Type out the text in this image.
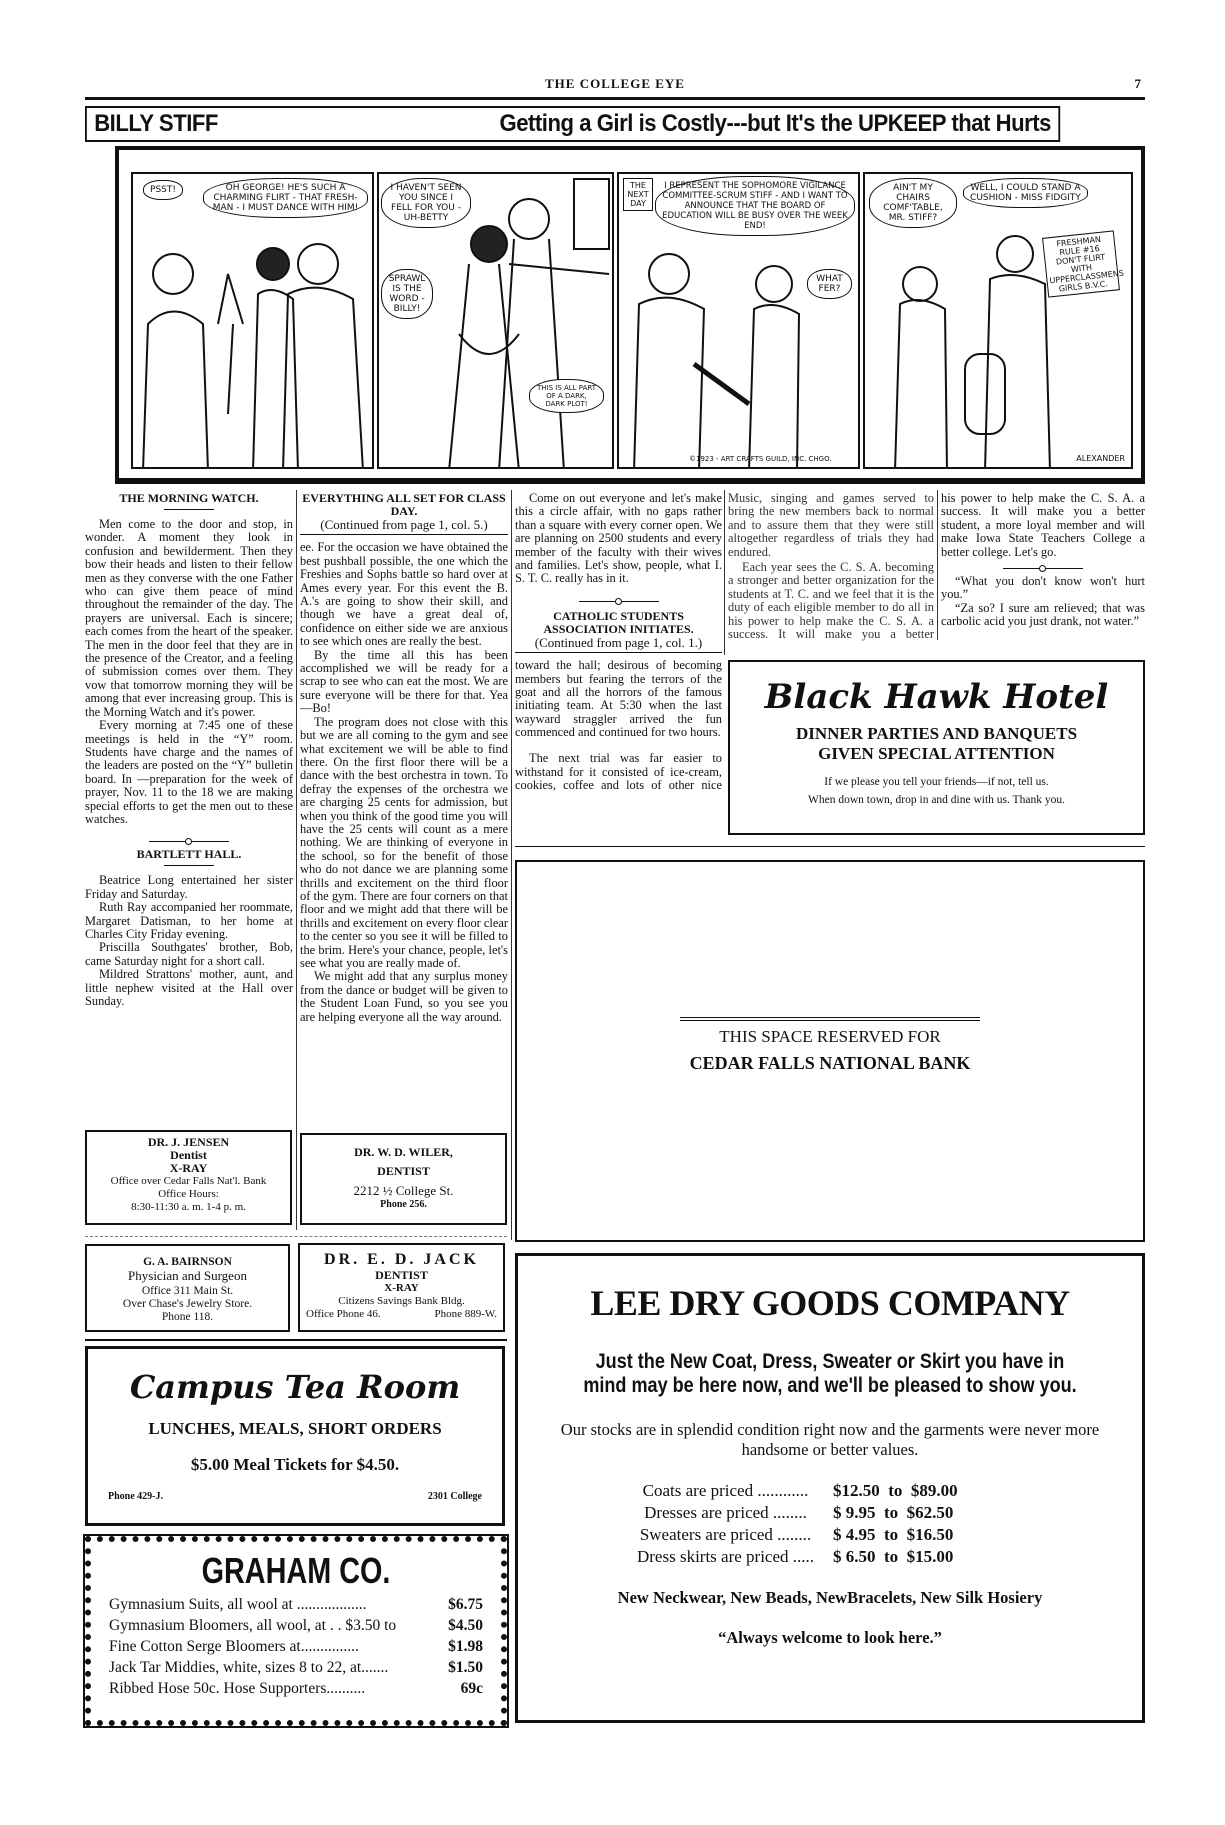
THE COLLEGE EYE	7
BILLY STIFF	Getting a Girl is Costly---but It's the UPKEEP that Hurts
PSST!	OH GEORGE! HE'S SUCH A CHARMING FLIRT - THAT FRESH-MAN - I MUST DANCE WITH HIM!
I HAVEN'T SEEN YOU SINCE I FELL FOR YOU -UH-BETTY
SPRAWL IS THE WORD - BILLY!
THIS IS ALL PART OF A DARK, DARK PLOT!
THE NEXT DAY
I REPRESENT THE SOPHOMORE VIGILANCE COMMITTEE-SCRUM STIFF - AND I WANT TO ANNOUNCE THAT THE BOARD OF EDUCATION WILL BE BUSY OVER THE WEEK END!
WHAT FER?
©1923 - ART CRAFTS GUILD, INC. CHGO.
AIN'T MY CHAIRS COMF'TABLE, MR. STIFF?
WELL, I COULD STAND A CUSHION - MISS FIDGITY
FRESHMAN RULE #16 DON'T FLIRT WITH UPPERCLASSMENS GIRLS B.V.C.
ALEXANDER
THE MORNING WATCH.

Men come to the door and stop, in wonder. A moment they look in confusion and bewilderment. Then they bow their heads and listen to their fellow men as they converse with the one Father who can give them peace of mind throughout the remainder of the day. The prayers are universal. Each is sincere; each comes from the heart of the speaker. The men in the door feel that they are in the presence of the Creator, and a feeling of submission comes over them. They vow that tomorrow morning they will be among that ever increasing group. This is the Morning Watch and it's power.

Every morning at 7:45 one of these meetings is held in the “Y” room. Students have charge and the names of the leaders are posted on the “Y” bulletin board. In —preparation for the week of prayer, Nov. 11 to the 18 we are making special efforts to get the men out to these watches.

BARTLETT HALL.

Beatrice Long entertained her sister Friday and Saturday.

Ruth Ray accompanied her roommate, Margaret Datisman, to her home at Charles City Friday evening.

Priscilla Southgates' brother, Bob, came Saturday night for a short call.

Mildred Strattons' mother, aunt, and little nephew visited at the Hall over Sunday.

EVERYTHING ALL SET FOR CLASS DAY.

(Continued from page 1, col. 5.)

ee. For the occasion we have obtained the best pushball possible, the one which the Freshies and Sophs battle so hard over at Ames every year. For this event the B. A.'s are going to show their skill, and though we have a great deal of, confidence on either side we are anxious to see which ones are really the best.

By the time all this has been accomplished we will be ready for a scrap to see who can eat the most. We are sure everyone will be there for that. Yea—Bo!

The program does not close with this but we are all coming to the gym and see what excitement we will be able to find there. On the first floor there will be a dance with the best orchestra in town. To defray the expenses of the orchestra we are charging 25 cents for admission, but when you think of the good time you will have the 25 cents will count as a mere nothing. We are thinking of everyone in the school, so for the benefit of those who do not dance we are planning some thrills and excitement on the third floor of the gym. There are four corners on that floor and we might add that there will be thrills and excitement on every floor clear to the center so you see it will be filled to the brim. Here's your chance, people, let's see what you are really made of.

We might add that any surplus money from the dance or budget will be given to the Student Loan Fund, so you see you are helping everyone all the way around.

Come on out everyone and let's make this a circle affair, with no gaps rather than a square with every corner open. We are planning on 2500 students and every member of the faculty with their wives and families. Let's show, people, what I. S. T. C. really has in it.

CATHOLIC STUDENTS ASSOCIATION INITIATES.

(Continued from page 1, col. 1.)

toward the hall; desirous of becoming members but fearing the terrors of the goat and all the horrors of the famous initiating team. At 5:30 when the last wayward straggler arrived the fun commenced and continued for two hours.

The next trial was far easier to withstand for it consisted of ice-cream, cookies, coffee and lots of other nice

Music, singing and games served to bring the new members back to normal and to assure them that they were still altogether regardless of trials they had endured.

Each year sees the C. S. A. becoming a stronger and better organization for the students at T. C. and we feel that it is the duty of each eligible member to do all in his power to help make the C. S. A. a success. It will make you a better

his power to help make the C. S. A. a success. It will make you a better student, a more loyal member and will make Iowa State Teachers College a better college. Let's go.

“What you don't know won't hurt you.”

“Za so? I sure am relieved; that was carbolic acid you just drank, not water.”

Black Hawk Hotel
DINNER PARTIES AND BANQUETS
GIVEN SPECIAL ATTENTION
If we please you tell your friends—if not, tell us.
When down town, drop in and dine with us. Thank you.
THIS SPACE RESERVED FOR
CEDAR FALLS NATIONAL BANK
DR. J. JENSEN
Dentist
X-RAY
Office over Cedar Falls Nat'l. Bank
Office Hours:
8:30-11:30 a. m. 1-4 p. m.
DR. W. D. WILER,
DENTIST
2212 ½ College St.
Phone 256.
G. A. BAIRNSON
Physician and Surgeon
Office 311 Main St.
Over Chase's Jewelry Store.
Phone 118.
DR. E. D. JACK
DENTIST
X-RAY
Citizens Savings Bank Bldg.
Office Phone 46.	Phone 889-W.
Campus Tea Room
LUNCHES, MEALS, SHORT ORDERS
$5.00 Meal Tickets for $4.50.
Phone 429-J.	2301 College
GRAHAM CO.
Gymnasium Suits, all wool at ..................	$6.75
Gymnasium Bloomers, all wool, at . . $3.50 to	$4.50
Fine Cotton Serge Bloomers at...............	$1.98
Jack Tar Middies, white, sizes 8 to 22, at.......	$1.50
Ribbed Hose 50c. Hose Supporters..........	69c
LEE DRY GOODS COMPANY
Just the New Coat, Dress, Sweater or Skirt you have in mind may be here now, and we'll be pleased to show you.
Our stocks are in splendid condition right now and the garments were never more handsome or better values.
Coats are priced ............	$12.50  to  $89.00
Dresses are priced ........	$ 9.95  to  $62.50
Sweaters are priced ........	$ 4.95  to  $16.50
Dress skirts are priced .....	$ 6.50  to  $15.00
New Neckwear, New Beads, NewBracelets, New Silk Hosiery
“Always welcome to look here.”
